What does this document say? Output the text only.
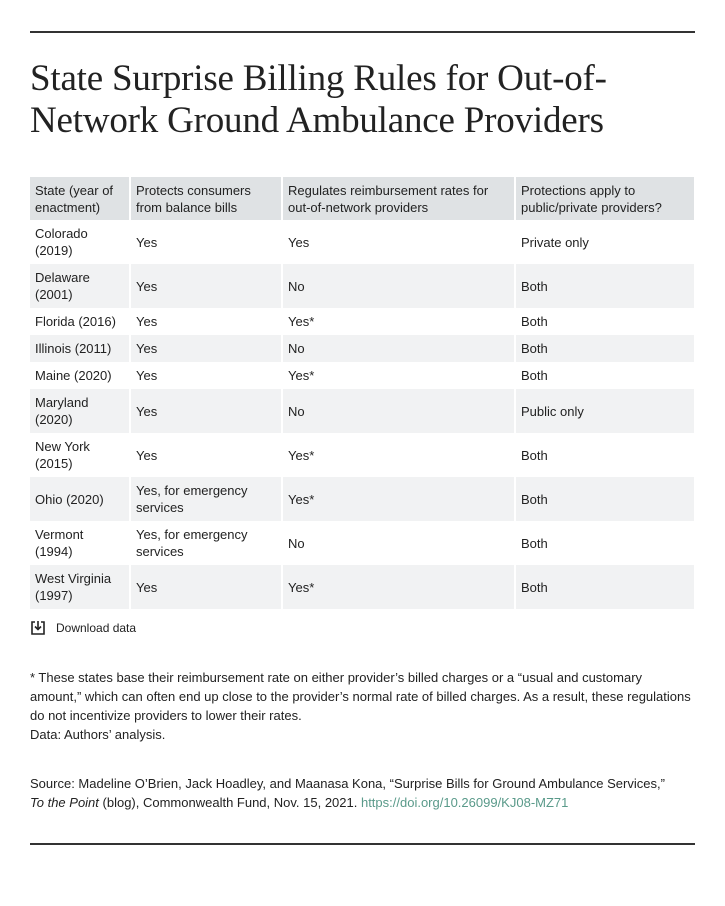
State Surprise Billing Rules for Out-of-Network Ground Ambulance Providers
State (year of enactment)	Protects consumers from balance bills	Regulates reimbursement rates for out-of-network providers	Protections apply to public/private providers?
Colorado (2019)	Yes	Yes	Private only
Delaware (2001)	Yes	No	Both
Florida (2016)	Yes	Yes*	Both
Illinois (2011)	Yes	No	Both
Maine (2020)	Yes	Yes*	Both
Maryland (2020)	Yes	No	Public only
New York (2015)	Yes	Yes*	Both
Ohio (2020)	Yes, for emergency services	Yes*	Both
Vermont (1994)	Yes, for emergency services	No	Both
West Virginia (1997)	Yes	Yes*	Both
Download data

* These states base their reimbursement rate on either provider’s billed charges or a “usual and customary amount,” which can often end up close to the provider’s normal rate of billed charges. As a result, these regulations do not incentivize providers to lower their rates.

Data: Authors’ analysis.

Source: Madeline O’Brien, Jack Hoadley, and Maanasa Kona, “Surprise Bills for Ground Ambulance Services,”
To the Point (blog), Commonwealth Fund, Nov. 15, 2021. https://doi.org/10.26099/KJ08-MZ71
